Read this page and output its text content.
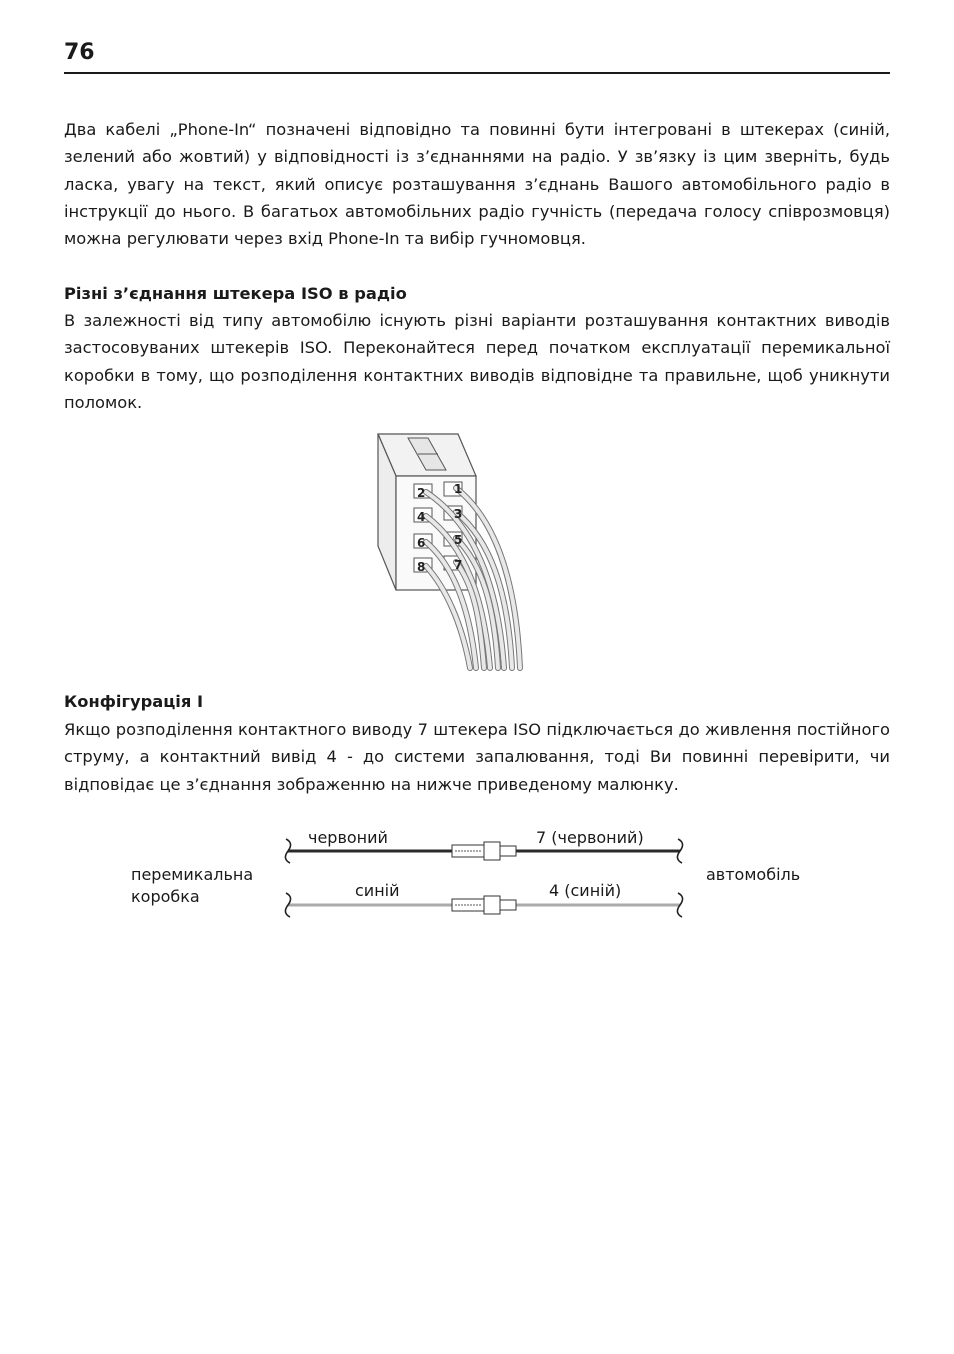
76

Два кабелі „Phone-In“ позначені відповідно та повинні бути інтегровані в штекерах (синій, зелений або жовтий) у відповідності із з’єднаннями на радіо. У зв’язку із цим зверніть, будь ласка, увагу на текст, який описує розташування з’єднань Вашого автомобільного радіо в інструкції до нього. В багатьох автомобільних радіо гучність (передача голосу співрозмовця) можна регулювати через вхід Phone-In та вибір гучномовця.

Різні з’єднання штекера ISO в радіо

В залежності від типу автомобілю існують різні варіанти розташування контактних виводів застосовуваних штекерів ISO. Переконайтеся перед початком експлуатації перемикальної коробки в тому, що розподілення контактних виводів відповідне та правильне, щоб уникнути поломок.

2
4
6
8
1
3
5
7
Конфігурація I

Якщо розподілення контактного виводу 7 штекера ISO підключається до живлення постійного струму, а контактний вивід 4 - до системи запалювання, тоді Ви повинні перевірити, чи відповідає це з’єднання зображенню на нижче приведеному малюнку.

червоний	7 (червоний)
синій	4 (синій)
перемикальна
коробка
автомобіль
